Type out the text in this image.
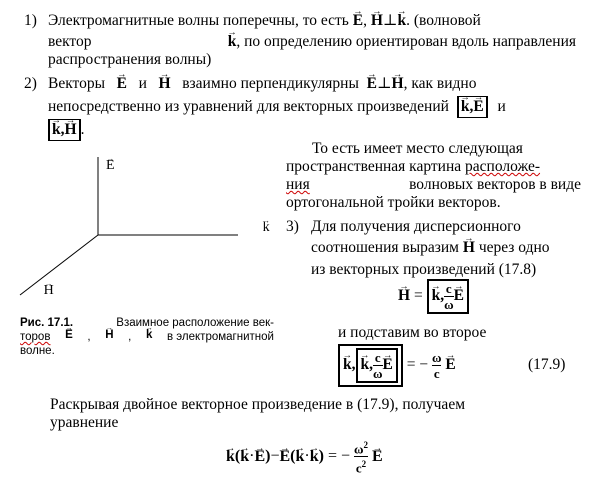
1) Электромагнитные волны поперечны, то есть → E, → H⊥→ k. (волновой
вектор
→	k, по определению ориентирован вдоль направления
распространения волны)
2) Векторы   → E и   → H взаимно перпендикулярны  → E⊥→ H, как видно
непосредственно из уравнений для векторных произведений → k,→ E и
→ k,→ H .
→ E → k → H
Рис. 17.1.	Взаимное расположение век-
торов
→ E ,
→ H ,
→ k в электромагнитной
волне.
То есть имеет место следующая
пространственная картина расположе-
ния	волновых векторов в виде
ортогональной тройки векторов.
3) Для получения дисперсионного
соотношения выразим → H через одно
из векторных произведений (17.8)
→ H = → k, $\frac{c}{\omega}$
→ E
и подставим во второе
→ k,→ k, $\frac{c}{\omega}$
→ E = − $\frac{\omega}{c}$
→ E	(17.9)
Раскрывая двойное векторное произведение в (17.9), получаем
уравнение
→ k(→ k·→ E)−→ E(→ k·→ k) = − $\frac{\omega^2}{c^2}$
→ E
